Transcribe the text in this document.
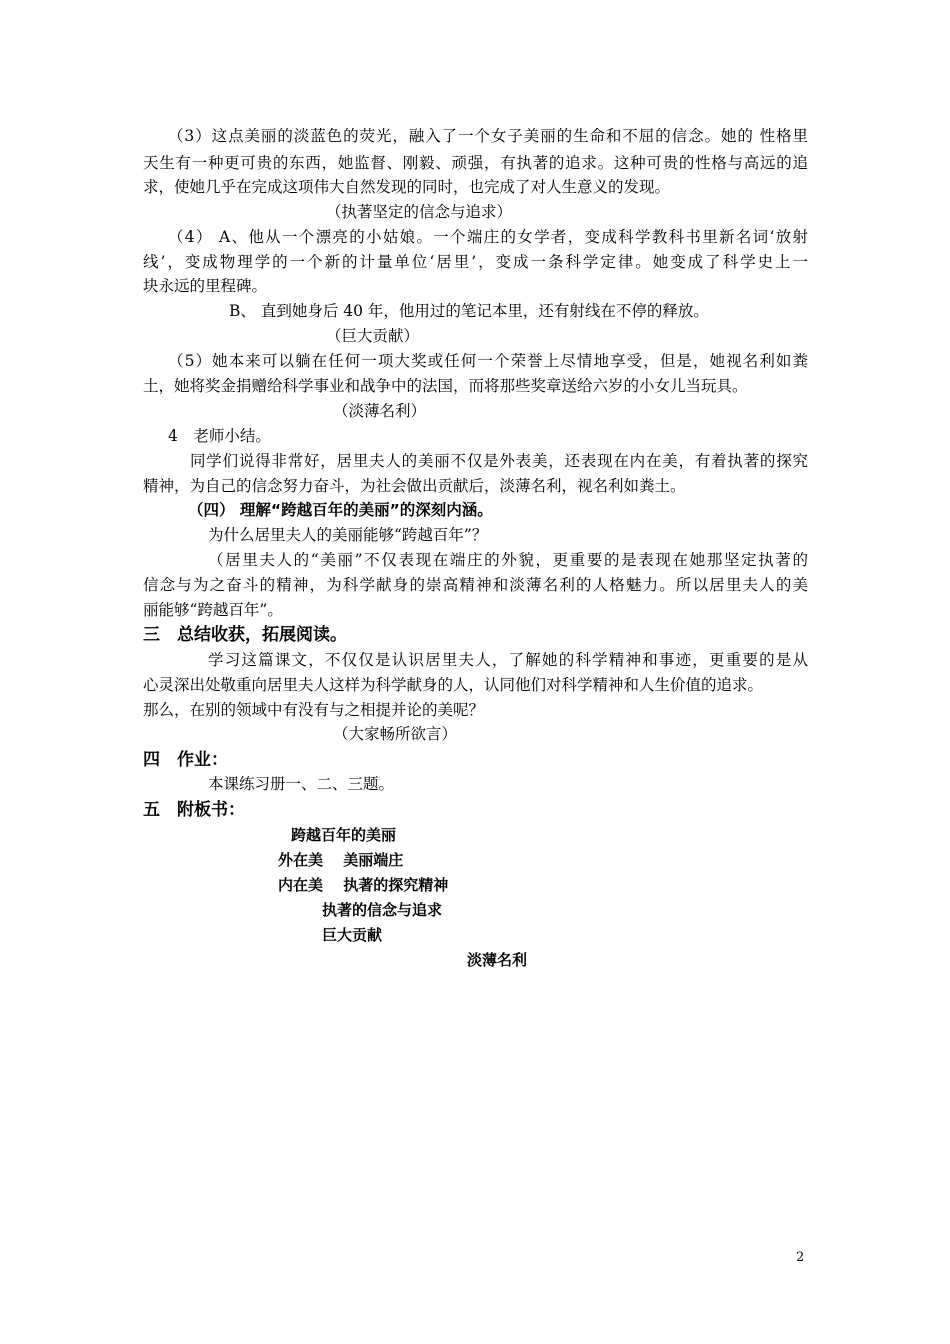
（3）这点美丽的淡蓝色的荧光，融入了一个女子美丽的生命和不屈的信念。她的 性格里
天生有一种更可贵的东西，她监督、刚毅、顽强，有执著的追求。这种可贵的性格与高远的追
求，使她几乎在完成这项伟大自然发现的同时，也完成了对人生意义的发现。
（执著坚定的信念与追求）
（4） A、他从一个漂亮的小姑娘。一个端庄的女学者，变成科学教科书里新名词‘放射
线’，变成物理学的一个新的计量单位‘居里’，变成一条科学定律。她变成了科学史上一
块永远的里程碑。
B、 直到她身后 40 年，他用过的笔记本里，还有射线在不停的释放。
（巨大贡献）
（5）她本来可以躺在任何一项大奖或任何一个荣誉上尽情地享受，但是，她视名利如粪
土，她将奖金捐赠给科学事业和战争中的法国，而将那些奖章送给六岁的小女儿当玩具。
（淡薄名利）
4　老师小结。
同学们说得非常好，居里夫人的美丽不仅是外表美，还表现在内在美，有着执著的探究
精神，为自己的信念努力奋斗，为社会做出贡献后，淡薄名利，视名利如粪土。
（四） 理解“跨越百年的美丽”的深刻内涵。
为什么居里夫人的美丽能够“跨越百年”？
（居里夫人的“美丽”不仅表现在端庄的外貌，更重要的是表现在她那坚定执著的
信念与为之奋斗的精神，为科学献身的崇高精神和淡薄名利的人格魅力。所以居里夫人的美
丽能够“跨越百年”。
三　总结收获，拓展阅读。
学习这篇课文，不仅仅是认识居里夫人，了解她的科学精神和事迹，更重要的是从
心灵深出处敬重向居里夫人这样为科学献身的人，认同他们对科学精神和人生价值的追求。
那么，在别的领域中有没有与之相提并论的美呢？
（大家畅所欲言）
四　作业：
本课练习册一、二、三题。
五　附板书：
跨越百年的美丽
外在美　 美丽端庄
内在美　 执著的探究精神
执著的信念与追求
巨大贡献
淡薄名利
2
